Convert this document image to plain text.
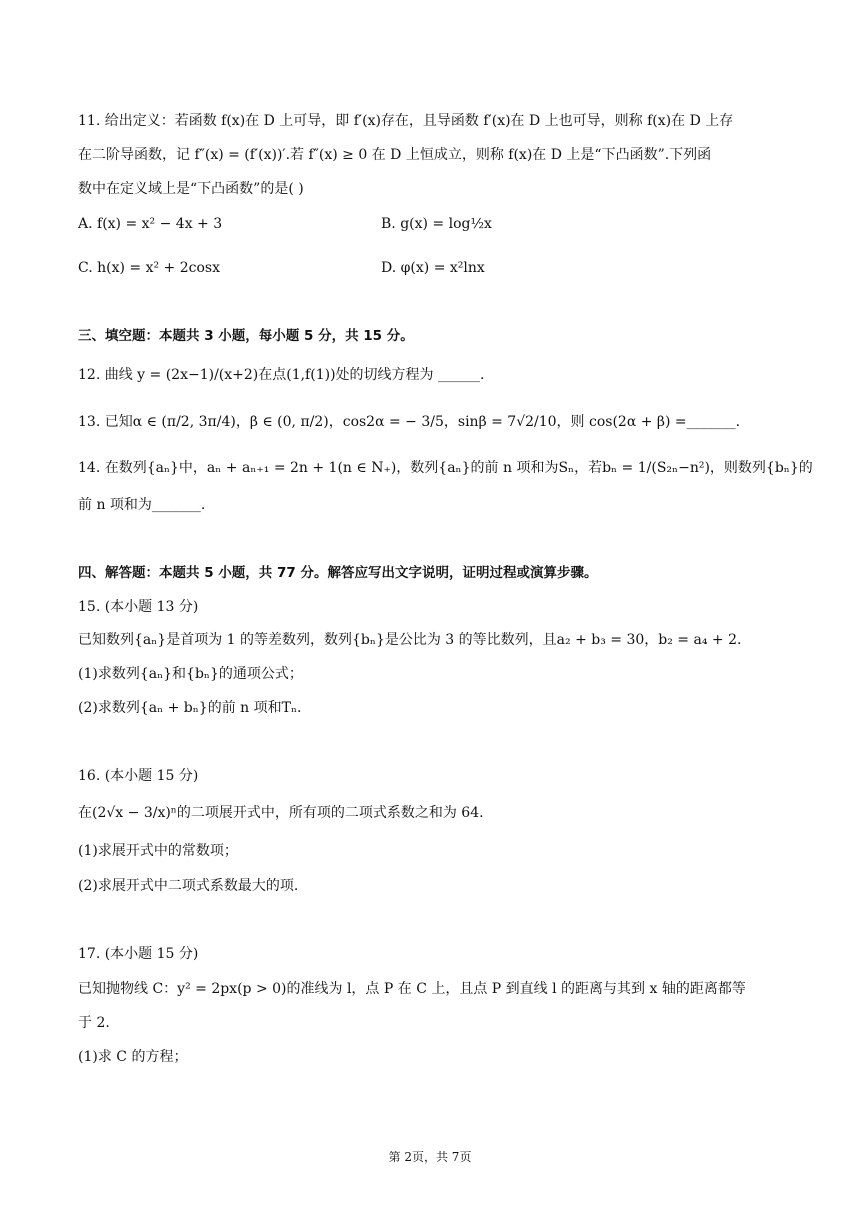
11. 给出定义：若函数 f(x)在 D 上可导，即 f′(x)存在，且导函数 f′(x)在 D 上也可导，则称 f(x)在 D 上存
在二阶导函数，记 f″(x) = (f′(x))′.若 f″(x) ≥ 0 在 D 上恒成立，则称 f(x)在 D 上是“下凸函数”.下列函
数中在定义域上是“下凸函数”的是( )
A. f(x) = x² − 4x + 3	B. g(x) = log½x
C. h(x) = x² + 2cosx	D. φ(x) = x²lnx
三、填空题：本题共 3 小题，每小题 5 分，共 15 分。
12. 曲线 y = (2x−1)/(x+2)在点(1,f(1))处的切线方程为 ______.
13. 已知α ∈ (π/2, 3π/4)，β ∈ (0, π/2)，cos2α = − 3/5，sinβ = 7√2/10，则 cos(2α + β) =_______.
14. 在数列{aₙ}中，aₙ + aₙ₊₁ = 2n + 1(n ∈ N₊)，数列{aₙ}的前 n 项和为Sₙ，若bₙ = 1/(S₂ₙ−n²)，则数列{bₙ}的
前 n 项和为_______.
四、解答题：本题共 5 小题，共 77 分。解答应写出文字说明，证明过程或演算步骤。
15. (本小题 13 分)
已知数列{aₙ}是首项为 1 的等差数列，数列{bₙ}是公比为 3 的等比数列，且a₂ + b₃ = 30，b₂ = a₄ + 2.
(1)求数列{aₙ}和{bₙ}的通项公式；
(2)求数列{aₙ + bₙ}的前 n 项和Tₙ.
16. (本小题 15 分)
在(2√x − 3/x)ⁿ的二项展开式中，所有项的二项式系数之和为 64.
(1)求展开式中的常数项；
(2)求展开式中二项式系数最大的项.
17. (本小题 15 分)
已知抛物线 C：y² = 2px(p > 0)的准线为 l，点 P 在 C 上，且点 P 到直线 l 的距离与其到 x 轴的距离都等
于 2.
(1)求 C 的方程；
第 2页，共 7页
